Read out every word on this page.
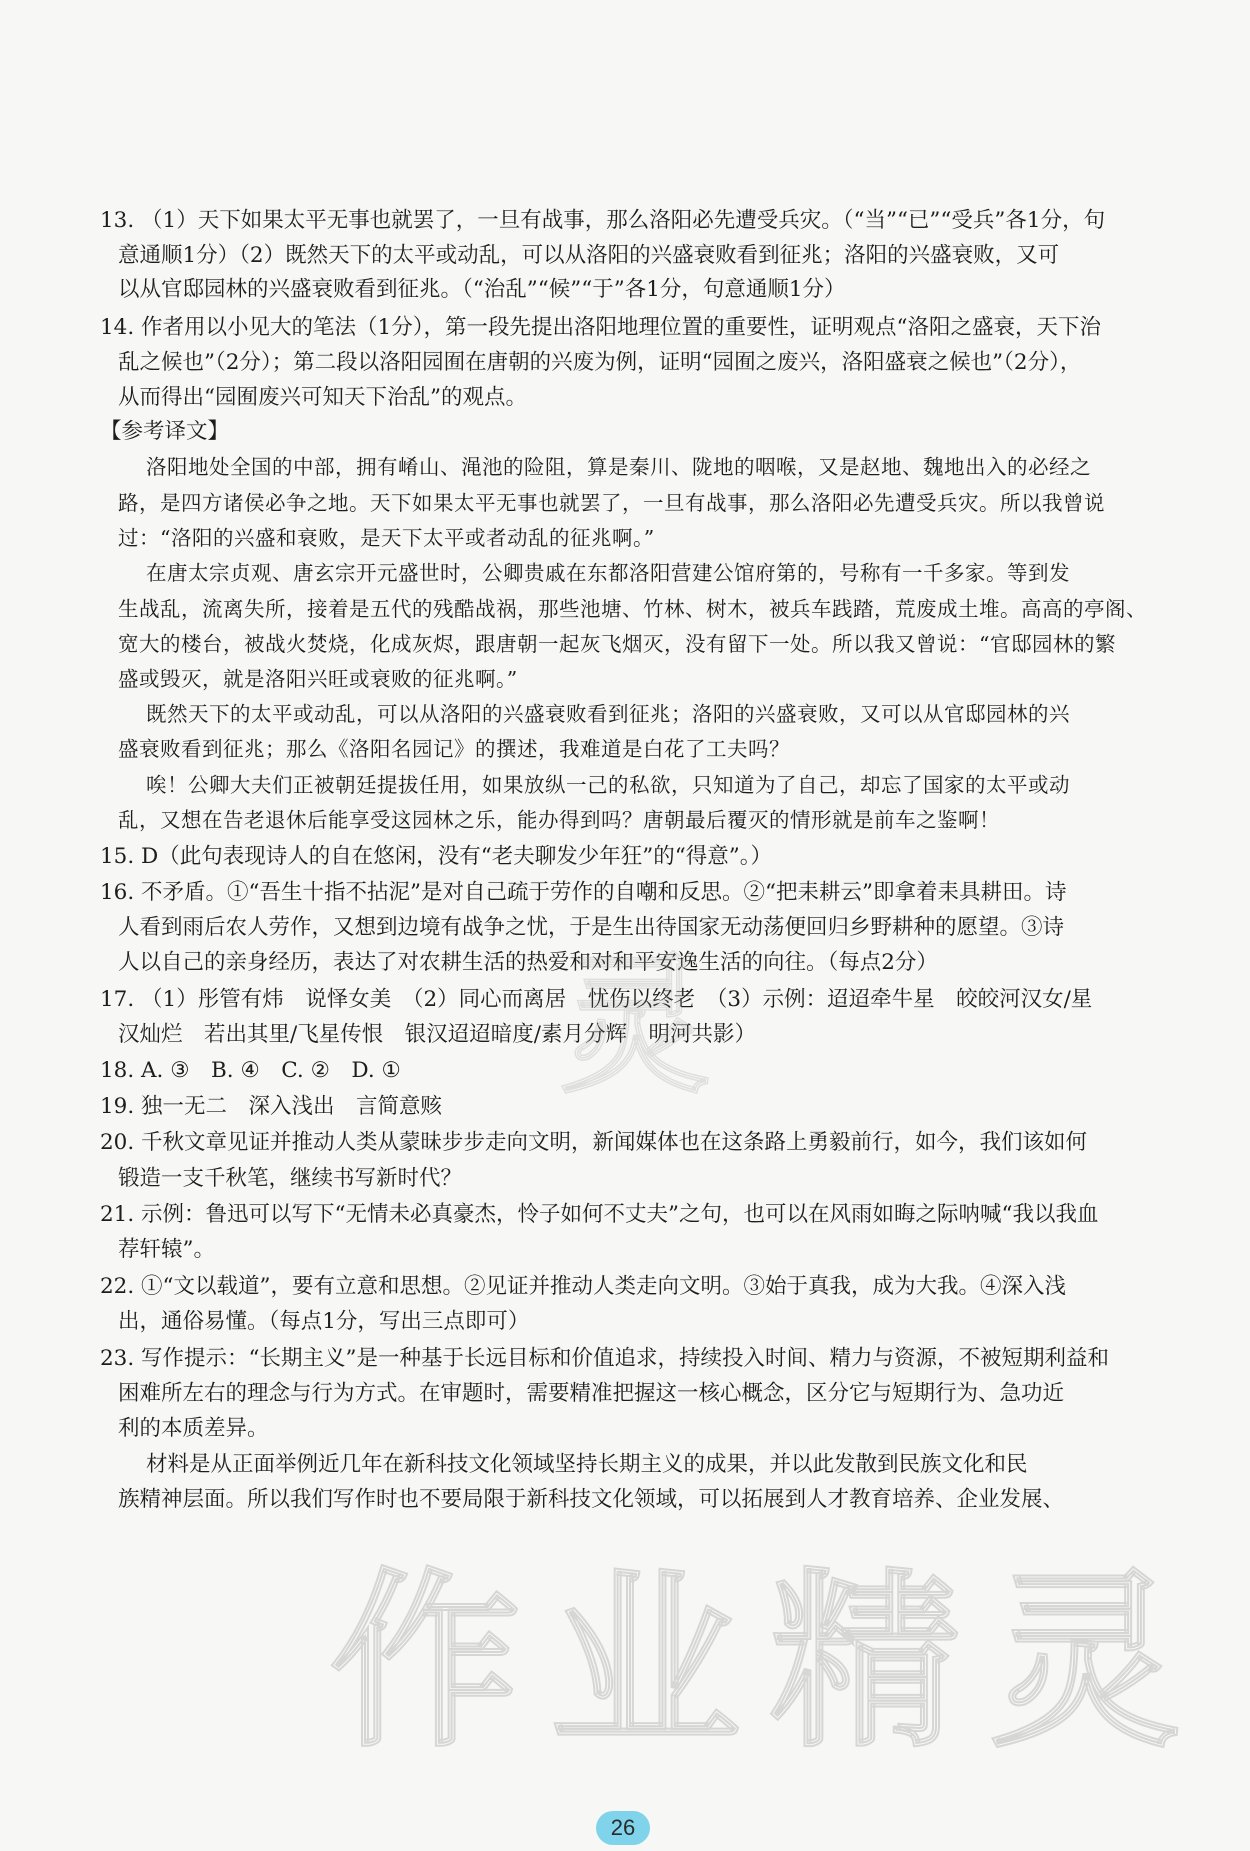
13. （1）天下如果太平无事也就罢了，一旦有战事，那么洛阳必先遭受兵灾。（“当”“已”“受兵”各1分，句
意通顺1分）（2）既然天下的太平或动乱，可以从洛阳的兴盛衰败看到征兆；洛阳的兴盛衰败，又可
以从官邸园林的兴盛衰败看到征兆。（“治乱”“候”“于”各1分，句意通顺1分）
14. 作者用以小见大的笔法（1分），第一段先提出洛阳地理位置的重要性，证明观点“洛阳之盛衰，天下治
乱之候也”（2分）；第二段以洛阳园囿在唐朝的兴废为例，证明“园囿之废兴，洛阳盛衰之候也”（2分），
从而得出“园囿废兴可知天下治乱”的观点。
【参考译文】
洛阳地处全国的中部，拥有崤山、渑池的险阻，算是秦川、陇地的咽喉，又是赵地、魏地出入的必经之
路，是四方诸侯必争之地。天下如果太平无事也就罢了，一旦有战事，那么洛阳必先遭受兵灾。所以我曾说
过：“洛阳的兴盛和衰败，是天下太平或者动乱的征兆啊。”
在唐太宗贞观、唐玄宗开元盛世时，公卿贵戚在东都洛阳营建公馆府第的，号称有一千多家。等到发
生战乱，流离失所，接着是五代的残酷战祸，那些池塘、竹林、树木，被兵车践踏，荒废成土堆。高高的亭阁、
宽大的楼台，被战火焚烧，化成灰烬，跟唐朝一起灰飞烟灭，没有留下一处。所以我又曾说：“官邸园林的繁
盛或毁灭，就是洛阳兴旺或衰败的征兆啊。”
既然天下的太平或动乱，可以从洛阳的兴盛衰败看到征兆；洛阳的兴盛衰败，又可以从官邸园林的兴
盛衰败看到征兆；那么《洛阳名园记》的撰述，我难道是白花了工夫吗？
唉！公卿大夫们正被朝廷提拔任用，如果放纵一己的私欲，只知道为了自己，却忘了国家的太平或动
乱，又想在告老退休后能享受这园林之乐，能办得到吗？唐朝最后覆灭的情形就是前车之鉴啊！
15. D（此句表现诗人的自在悠闲，没有“老夫聊发少年狂”的“得意”。）
16. 不矛盾。①“吾生十指不拈泥”是对自己疏于劳作的自嘲和反思。②“把耒耕云”即拿着耒具耕田。诗
人看到雨后农人劳作，又想到边境有战争之忧，于是生出待国家无动荡便回归乡野耕种的愿望。③诗
人以自己的亲身经历，表达了对农耕生活的热爱和对和平安逸生活的向往。（每点2分）
17. （1）彤管有炜　说怿女美　（2）同心而离居　忧伤以终老　（3）示例：迢迢牵牛星　皎皎河汉女/星
汉灿烂　若出其里/飞星传恨　银汉迢迢暗度/素月分辉　明河共影）
18. A. ③　B. ④　C. ②　D. ①
19. 独一无二　深入浅出　言简意赅
20. 千秋文章见证并推动人类从蒙昧步步走向文明，新闻媒体也在这条路上勇毅前行，如今，我们该如何
锻造一支千秋笔，继续书写新时代？
21. 示例：鲁迅可以写下“无情未必真豪杰，怜子如何不丈夫”之句，也可以在风雨如晦之际呐喊“我以我血
荐轩辕”。
22. ①“文以载道”，要有立意和思想。②见证并推动人类走向文明。③始于真我，成为大我。④深入浅
出，通俗易懂。（每点1分，写出三点即可）
23. 写作提示：“长期主义”是一种基于长远目标和价值追求，持续投入时间、精力与资源，不被短期利益和
困难所左右的理念与行为方式。在审题时，需要精准把握这一核心概念，区分它与短期行为、急功近
利的本质差异。
材料是从正面举例近几年在新科技文化领域坚持长期主义的成果，并以此发散到民族文化和民
族精神层面。所以我们写作时也不要局限于新科技文化领域，可以拓展到人才教育培养、企业发展、
灵
作业精灵
26
